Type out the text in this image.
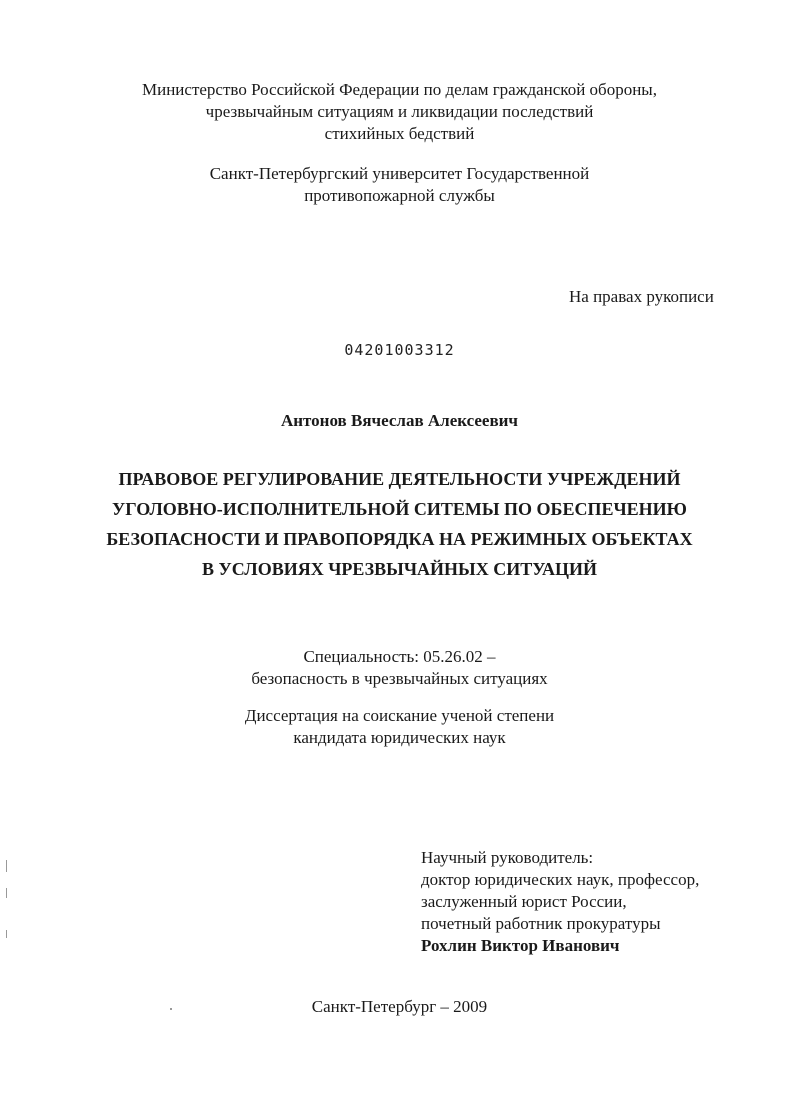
Министерство Российской Федерации по делам гражданской обороны,
чрезвычайным ситуациям и ликвидации последствий
стихийных бедствий
Санкт-Петербургский университет Государственной
противопожарной службы
На правах рукописи
04201003312
Антонов Вячеслав Алексеевич
ПРАВОВОЕ РЕГУЛИРОВАНИЕ ДЕЯТЕЛЬНОСТИ УЧРЕЖДЕНИЙ
УГОЛОВНО-ИСПОЛНИТЕЛЬНОЙ СИТЕМЫ ПО ОБЕСПЕЧЕНИЮ
БЕЗОПАСНОСТИ И ПРАВОПОРЯДКА НА РЕЖИМНЫХ ОБЪЕКТАХ
В УСЛОВИЯХ ЧРЕЗВЫЧАЙНЫХ СИТУАЦИЙ
Специальность: 05.26.02 –
безопасность в чрезвычайных ситуациях
Диссертация на соискание ученой степени
кандидата юридических наук
Научный руководитель:
доктор юридических наук, профессор,
заслуженный юрист России,
почетный работник прокуратуры
Рохлин Виктор Иванович
Санкт-Петербург – 2009
